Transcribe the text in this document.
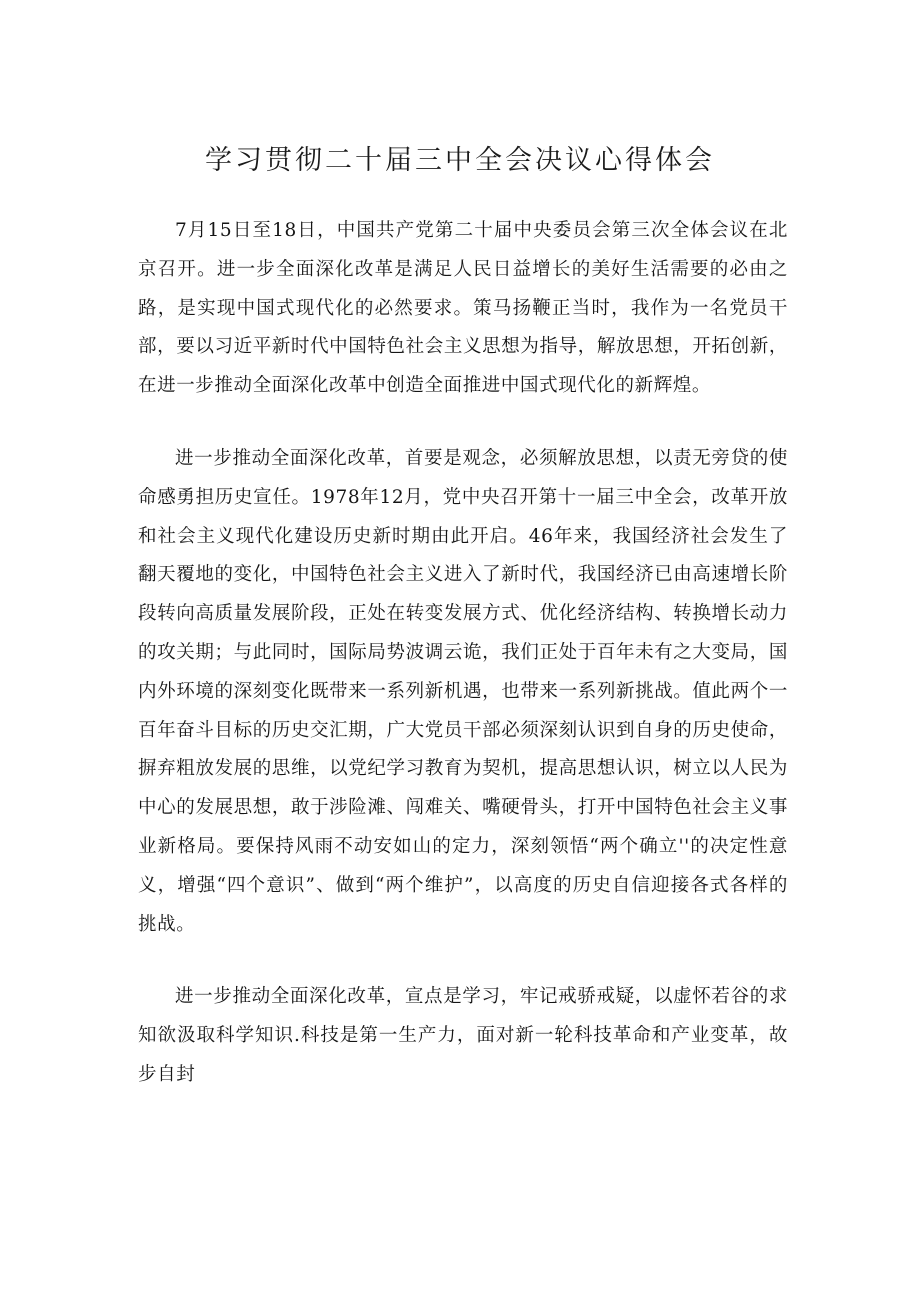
学习贯彻二十届三中全会决议心得体会

7月15日至18日，中国共产党第二十届中央委员会第三次全体会议在北京召开。进一步全面深化改革是满足人民日益增长的美好生活需要的必由之路，是实现中国式现代化的必然要求。策马扬鞭正当时，我作为一名党员干部，要以习近平新时代中国特色社会主义思想为指导，解放思想，开拓创新，在进一步推动全面深化改革中创造全面推进中国式现代化的新辉煌。

进一步推动全面深化改革，首要是观念，必须解放思想，以责无旁贷的使命感勇担历史宣任。1978年12月，党中央召开第十一届三中全会，改革开放和社会主义现代化建设历史新时期由此开启。46年来，我国经济社会发生了翻天覆地的变化，中国特色社会主义进入了新时代，我国经济已由高速增长阶段转向高质量发展阶段，正处在转变发展方式、优化经济结构、转换增长动力的攻关期；与此同时，国际局势波调云诡，我们正处于百年未有之大变局，国内外环境的深刻变化既带来一系列新机遇，也带来一系列新挑战。值此两个一百年奋斗目标的历史交汇期，广大党员干部必须深刻认识到自身的历史使命，摒弃粗放发展的思维，以党纪学习教育为契机，提高思想认识，树立以人民为中心的发展思想，敢于涉险滩、闯难关、嘴硬骨头，打开中国特色社会主义事业新格局。要保持风雨不动安如山的定力，深刻领悟“两个确立''的决定性意义，增强“四个意识”、做到“两个维护”，以高度的历史自信迎接各式各样的挑战。

进一步推动全面深化改革，宣点是学习，牢记戒骄戒疑，以虚怀若谷的求知欲汲取科学知识.科技是第一生产力，面对新一轮科技革命和产业变革，故步自封
